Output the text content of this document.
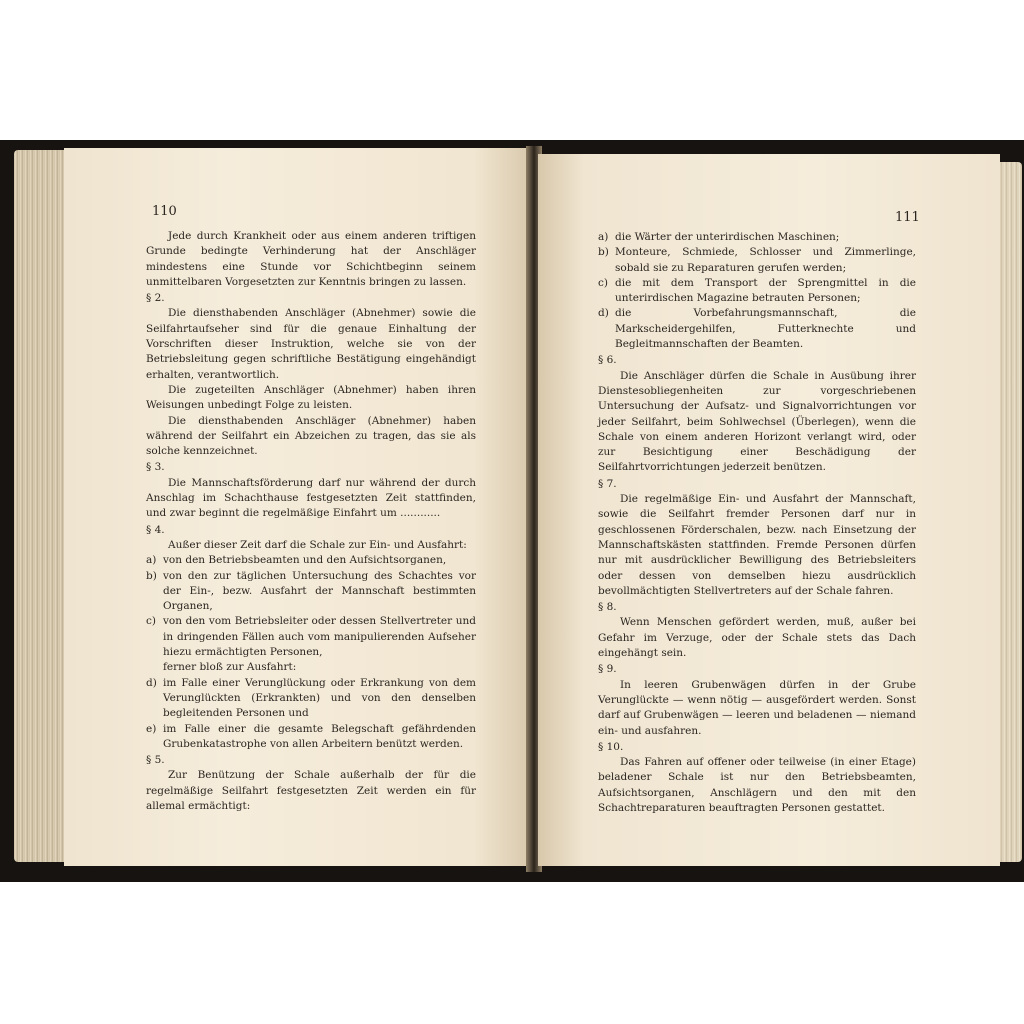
110

Jede durch Krankheit oder aus einem anderen triftigen Grunde bedingte Verhinderung hat der Anschläger mindestens eine Stunde vor Schichtbeginn seinem unmittelbaren Vorgesetzten zur Kenntnis bringen zu lassen.

§ 2.

Die diensthabenden Anschläger (Abnehmer) sowie die Seilfahrtaufseher sind für die genaue Einhaltung der Vorschriften dieser Instruktion, welche sie von der Betriebsleitung gegen schriftliche Bestätigung eingehändigt erhalten, verantwortlich.

Die zugeteilten Anschläger (Abnehmer) haben ihren Weisungen unbedingt Folge zu leisten.

Die diensthabenden Anschläger (Abnehmer) haben während der Seilfahrt ein Abzeichen zu tragen, das sie als solche kennzeichnet.

§ 3.

Die Mannschaftsförderung darf nur während der durch Anschlag im Schachthause festgesetzten Zeit stattfinden, und zwar beginnt die regelmäßige Einfahrt um ............

§ 4.

Außer dieser Zeit darf die Schale zur Ein- und Ausfahrt:

a) von den Betriebsbeamten und den Aufsichtsorganen,
b) von den zur täglichen Untersuchung des Schachtes vor der Ein-, bezw. Ausfahrt der Mannschaft bestimmten Organen,
c) von den vom Betriebsleiter oder dessen Stellvertreter und in dringenden Fällen auch vom manipulierenden Aufseher hiezu ermächtigten Personen,

ferner bloß zur Ausfahrt:

d) im Falle einer Verunglückung oder Erkrankung von dem Verunglückten (Erkrankten) und von den denselben begleitenden Personen und
e) im Falle einer die gesamte Belegschaft gefährdenden Grubenkatastrophe von allen Arbeitern benützt werden.

§ 5.

Zur Benützung der Schale außerhalb der für die regelmäßige Seilfahrt festgesetzten Zeit werden ein für allemal ermächtigt:

111
a) die Wärter der unterirdischen Maschinen;
b) Monteure, Schmiede, Schlosser und Zimmerlinge, sobald sie zu Reparaturen gerufen werden;
c) die mit dem Transport der Sprengmittel in die unterirdischen Magazine betrauten Personen;
d) die Vorbefahrungsmannschaft, die Markscheidergehilfen, Futterknechte und Begleitmannschaften der Beamten.

§ 6.

Die Anschläger dürfen die Schale in Ausübung ihrer Dienstesobliegenheiten zur vorgeschriebenen Untersuchung der Aufsatz- und Signalvorrichtungen vor jeder Seilfahrt, beim Sohlwechsel (Überlegen), wenn die Schale von einem anderen Horizont verlangt wird, oder zur Besichtigung einer Beschädigung der Seilfahrtvorrichtungen jederzeit benützen.

§ 7.

Die regelmäßige Ein- und Ausfahrt der Mannschaft, sowie die Seilfahrt fremder Personen darf nur in geschlossenen Förderschalen, bezw. nach Einsetzung der Mannschaftskästen stattfinden. Fremde Personen dürfen nur mit ausdrücklicher Bewilligung des Betriebsleiters oder dessen von demselben hiezu ausdrücklich bevollmächtigten Stellvertreters auf der Schale fahren.

§ 8.

Wenn Menschen gefördert werden, muß, außer bei Gefahr im Verzuge, oder der Schale stets das Dach eingehängt sein.

§ 9.

In leeren Grubenwägen dürfen in der Grube Verunglückte — wenn nötig — ausgefördert werden. Sonst darf auf Grubenwägen — leeren und beladenen — niemand ein- und ausfahren.

§ 10.

Das Fahren auf offener oder teilweise (in einer Etage) beladener Schale ist nur den Betriebsbeamten, Aufsichtsorganen, Anschlägern und den mit den Schachtreparaturen beauftragten Personen gestattet.
